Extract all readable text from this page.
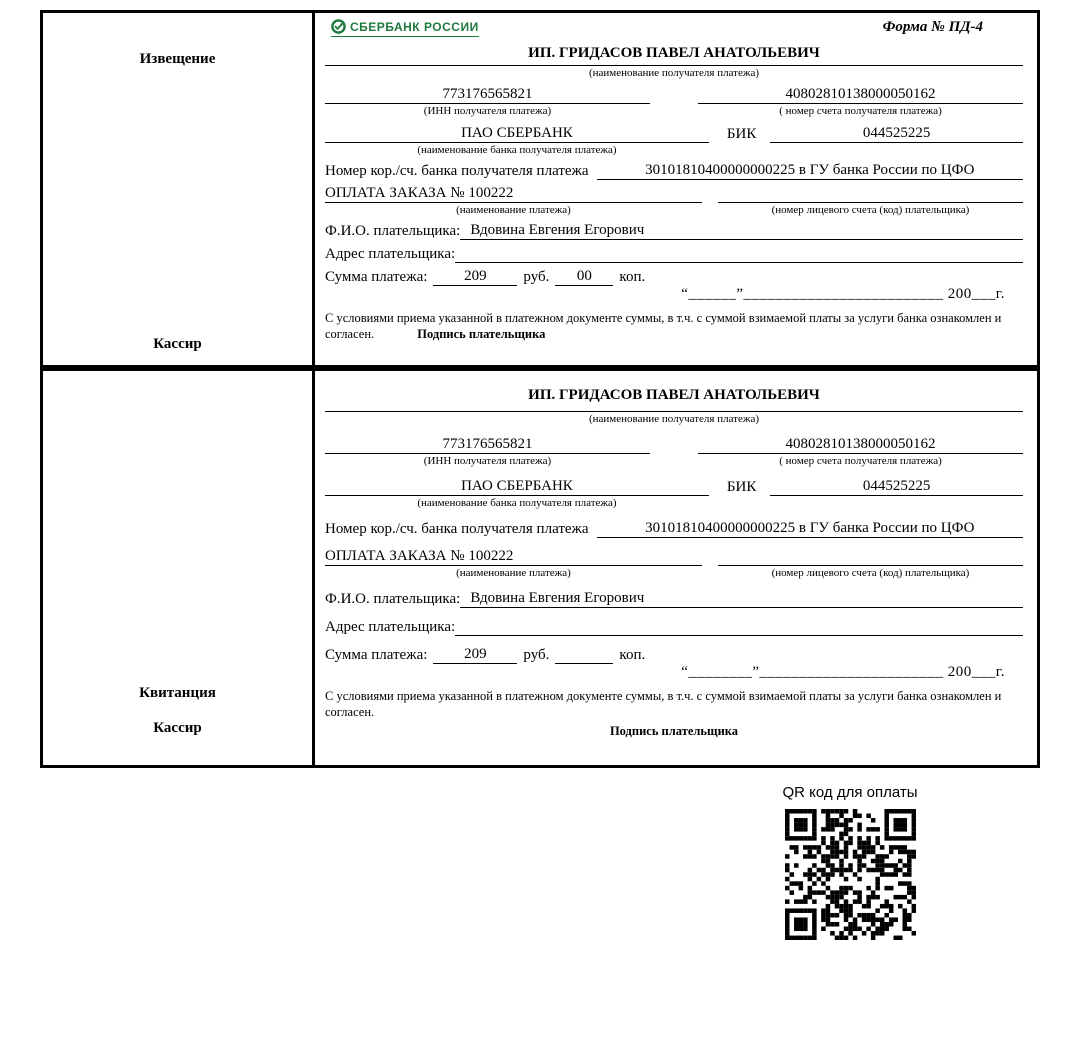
Извещение
Кассир
СБЕРБАНК РОССИИ	Форма № ПД-4
ИП. ГРИДАСОВ ПАВЕЛ АНАТОЛЬЕВИЧ
(наименование получателя платежа)
773176565821
(ИНН получателя платежа)
40802810138000050162
( номер счета получателя платежа)
ПАО СБЕРБАНК
(наименование банка получателя платежа)
БИК	044525225
Номер кор./сч. банка получателя платежа	30101810400000000225 в ГУ банка России по ЦФО
ОПЛАТА ЗАКАЗА № 100222
(наименование платежа)
	(номер лицевого счета (код) плательщика)
Ф.И.О. плательщика: Вдовина Евгения Егорович
Адрес плательщика:

Сумма платежа:	209	руб.	00	коп.
“______”_________________________ 200___г.
С условиями приема указанной в платежном документе суммы, в т.ч. с суммой взимаемой платы за услуги банка ознакомлен и согласен.	Подпись плательщика
Квитанция
Кассир
ИП. ГРИДАСОВ ПАВЕЛ АНАТОЛЬЕВИЧ
(наименование получателя платежа)
773176565821
(ИНН получателя платежа)
40802810138000050162
( номер счета получателя платежа)
ПАО СБЕРБАНК
(наименование банка получателя платежа)
БИК	044525225
Номер кор./сч. банка получателя платежа	30101810400000000225 в ГУ банка России по ЦФО
ОПЛАТА ЗАКАЗА № 100222
(наименование платежа)
	(номер лицевого счета (код) плательщика)
Ф.И.О. плательщика: Вдовина Евгения Егорович
Адрес плательщика:

Сумма платежа:	209	руб.	коп.
“________”_______________________ 200___г.
С условиями приема указанной в платежном документе суммы, в т.ч. с суммой взимаемой платы за услуги банка ознакомлен и согласен.
Подпись плательщика
QR код для оплаты
